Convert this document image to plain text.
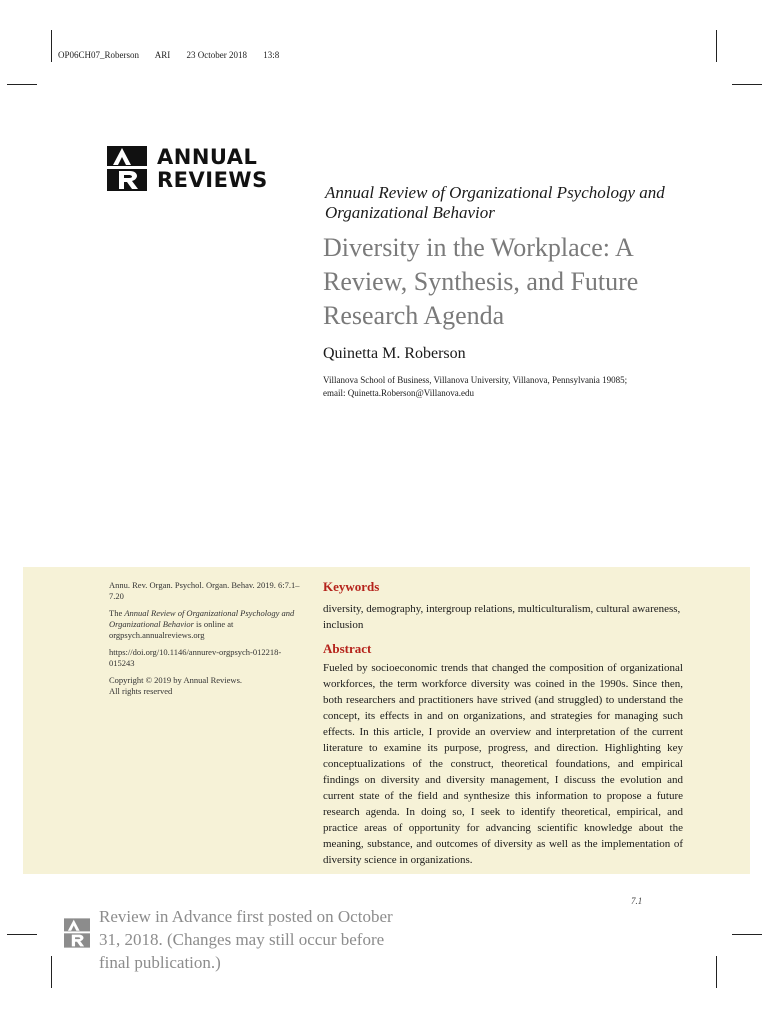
OP06CH07_Roberson ARI 23 October 2018 13:8
ANNUAL
REVIEWS
Annual Review of Organizational Psychology and Organizational Behavior
Diversity in the Workplace: A Review, Synthesis, and Future Research Agenda
Quinetta M. Roberson
Villanova School of Business, Villanova University, Villanova, Pennsylvania 19085;
email: Quinetta.Roberson@Villanova.edu

Annu. Rev. Organ. Psychol. Organ. Behav. 2019. 6:7.1–7.20

The Annual Review of Organizational Psychology and Organizational Behavior is online at orgpsych.annualreviews.org

https://doi.org/10.1146/annurev-orgpsych-012218-015243

Copyright © 2019 by Annual Reviews.
All rights reserved

Keywords
diversity, demography, intergroup relations, multiculturalism, cultural awareness, inclusion
Abstract
Fueled by socioeconomic trends that changed the composition of organizational workforces, the term workforce diversity was coined in the 1990s. Since then, both researchers and practitioners have strived (and struggled) to understand the concept, its effects in and on organizations, and strategies for managing such effects. In this article, I provide an overview and interpretation of the current literature to examine its purpose, progress, and direction. Highlighting key conceptualizations of the construct, theoretical foundations, and empirical findings on diversity and diversity management, I discuss the evolution and current state of the field and synthesize this information to propose a future research agenda. In doing so, I seek to identify theoretical, empirical, and practice areas of opportunity for advancing scientific knowledge about the meaning, substance, and outcomes of diversity as well as the implementation of diversity science in organizations.
7.1
Review in Advance first posted on October 31, 2018. (Changes may still occur before final publication.)
